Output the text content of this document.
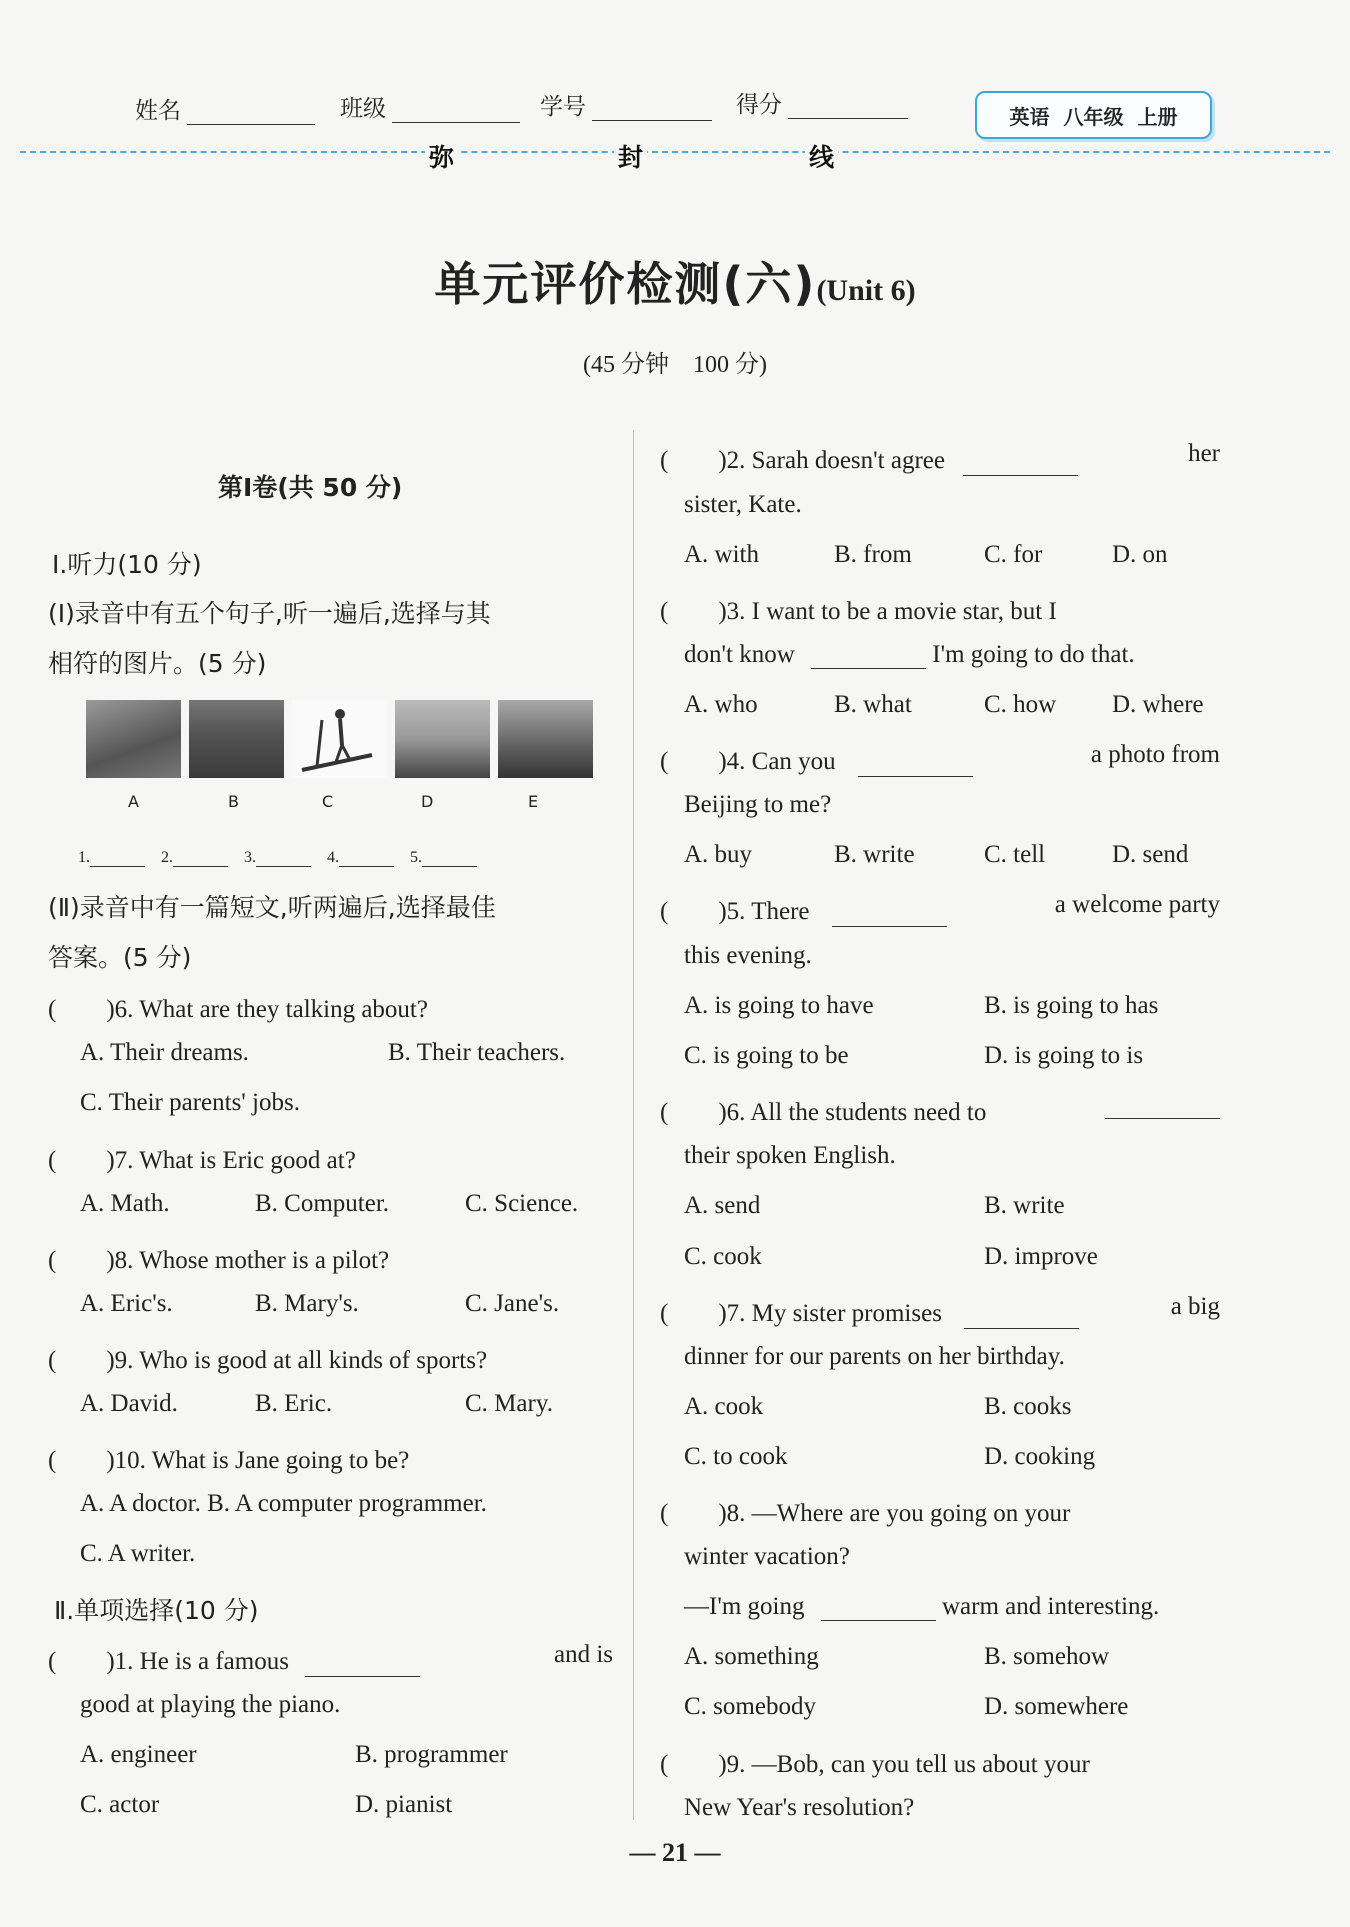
姓名	班级	学号	得分	英语 八年级 上册
弥	封	线
单元评价检测(六)(Unit 6)
(45 分钟　100 分)
第Ⅰ卷(共 50 分)
Ⅰ.听力(10 分)
(Ⅰ)录音中有五个句子,听一遍后,选择与其
相符的图片。(5 分)
A	B	C	D	E
1.	2.	3.	4.	5.
(Ⅱ)录音中有一篇短文,听两遍后,选择最佳
答案。(5 分)
(　　)6. What are they talking about?
A. Their dreams.	B. Their teachers.
C. Their parents' jobs.
(　　)7. What is Eric good at?
A. Math.	B. Computer.	C. Science.
(　　)8. Whose mother is a pilot?
A. Eric's.	B. Mary's.	C. Jane's.
(　　)9. Who is good at all kinds of sports?
A. David.	B. Eric.	C. Mary.
(　　)10. What is Jane going to be?
A. A doctor. B. A computer programmer.
C. A writer.
Ⅱ.单项选择(10 分)
(　　)1. He is a famous	and is
good at playing the piano.
A. engineer	B. programmer
C. actor	D. pianist
(　　)2. Sarah doesn't agree	her
sister, Kate.
A. with	B. from	C. for	D. on
(　　)3. I want to be a movie star, but I
don't know	I'm going to do that.
A. who	B. what	C. how D. where
(　　)4. Can you	a photo from
Beijing to me?
A. buy	B. write	C. tell	D. send
(　　)5. There	a welcome party
this evening.
A. is going to have	B. is going to has
C. is going to be	D. is going to is
(　　)6. All the students need to
their spoken English.
A. send	B. write
C. cook	D. improve
(　　)7. My sister promises	a big
dinner for our parents on her birthday.
A. cook	B. cooks
C. to cook	D. cooking
(　　)8. —Where are you going on your
winter vacation?
—I'm going	warm and interesting.
A. something	B. somehow
C. somebody	D. somewhere
(　　)9. —Bob, can you tell us about your
New Year's resolution?
— 21 —
